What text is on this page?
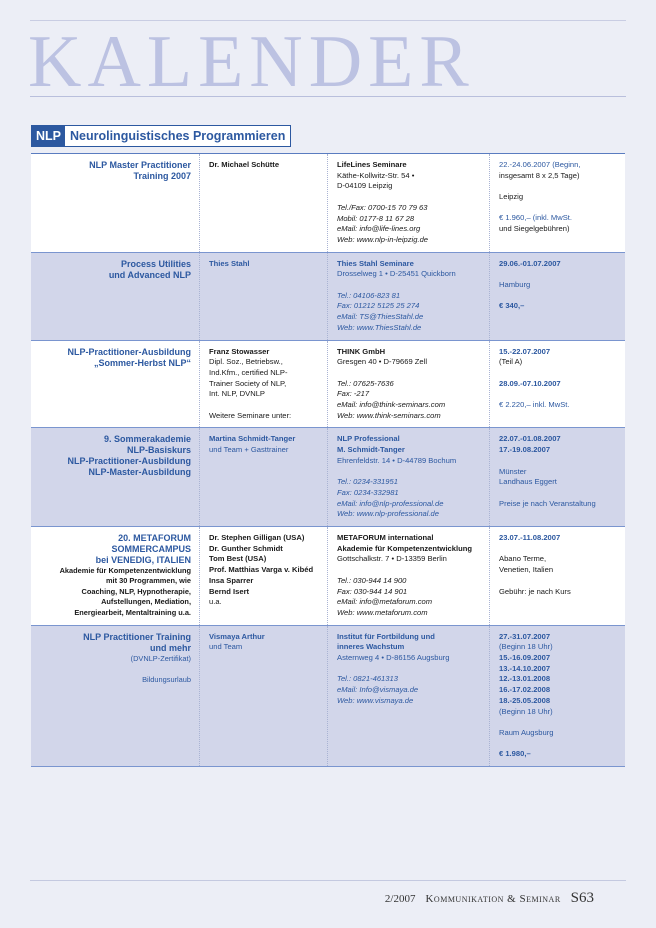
KALENDER
NLP Neurolinguistisches Programmieren
NLP Master Practitioner
Training 2007
Dr. Michael Schütte	LifeLines Seminare
Käthe-Kollwitz-Str. 54 •
D-04109 Leipzig
Tel./Fax: 0700-15 70 79 63
Mobil: 0177-8 11 67 28
eMail: info@life-lines.org
Web: www.nlp-in-leipzig.de
22.-24.06.2007 (Beginn,
insgesamt 8 x 2,5 Tage)
Leipzig
€ 1.960,– (inkl. MwSt.
und Siegelgebühren)
Process Utilities
und Advanced NLP
Thies Stahl	Thies Stahl Seminare
Drosselweg 1 • D-25451 Quickborn
Tel.: 04106-823 81
Fax: 01212 5125 25 274
eMail: TS@ThiesStahl.de
Web: www.ThiesStahl.de
29.06.-01.07.2007
Hamburg
€ 340,–
NLP-Practitioner-Ausbildung
„Sommer-Herbst NLP“
Franz Stowasser
Dipl. Soz., Betriebsw.,
Ind.Kfm., certified NLP-
Trainer Society of NLP,
Int. NLP, DVNLP
Weitere Seminare unter:
THINK GmbH
Gresgen 40 • D-79669 Zell
Tel.: 07625-7636
Fax: -217
eMail: info@think-seminars.com
Web: www.think-seminars.com
15.-22.07.2007
(Teil A)
28.09.-07.10.2007
€ 2.220,– inkl. MwSt.
9. Sommerakademie
NLP-Basiskurs
NLP-Practitioner-Ausbildung
NLP-Master-Ausbildung
Martina Schmidt-Tanger
und Team + Gasttrainer
NLP Professional
M. Schmidt-Tanger
Ehrenfeldstr. 14 • D-44789 Bochum
Tel.: 0234-331951
Fax: 0234-332981
eMail: info@nlp-professional.de
Web: www.nlp-professional.de
22.07.-01.08.2007
17.-19.08.2007
Münster
Landhaus Eggert
Preise je nach Veranstaltung
20. METAFORUM
SOMMERCAMPUS
bei VENEDIG, ITALIEN
Akademie für Kompetenzentwicklung
mit 30 Programmen, wie
Coaching, NLP, Hypnotherapie,
Aufstellungen, Mediation,
Energiearbeit, Mentaltraining u.a.
Dr. Stephen Gilligan (USA)
Dr. Gunther Schmidt
Tom Best (USA)
Prof. Matthias Varga v. Kibéd
Insa Sparrer
Bernd Isert
u.a.
METAFORUM international
Akademie für Kompetenzentwicklung
Gottschalkstr. 7 • D-13359 Berlin
Tel.: 030-944 14 900
Fax: 030-944 14 901
eMail: info@metaforum.com
Web: www.metaforum.com
23.07.-11.08.2007
Abano Terme,
Venetien, Italien
Gebühr: je nach Kurs
NLP Practitioner Training
und mehr
(DVNLP-Zertifikat)
Bildungsurlaub
Vismaya Arthur
und Team
Institut für Fortbildung und
inneres Wachstum
Asternweg 4 • D-86156 Augsburg
Tel.: 0821-461313
eMail: Info@vismaya.de
Web: www.vismaya.de
27.-31.07.2007
(Beginn 18 Uhr)
15.-16.09.2007
13.-14.10.2007
12.-13.01.2008
16.-17.02.2008
18.-25.05.2008
(Beginn 18 Uhr)
Raum Augsburg
€ 1.980,–
2/2007 Kommunikation & Seminar S63
